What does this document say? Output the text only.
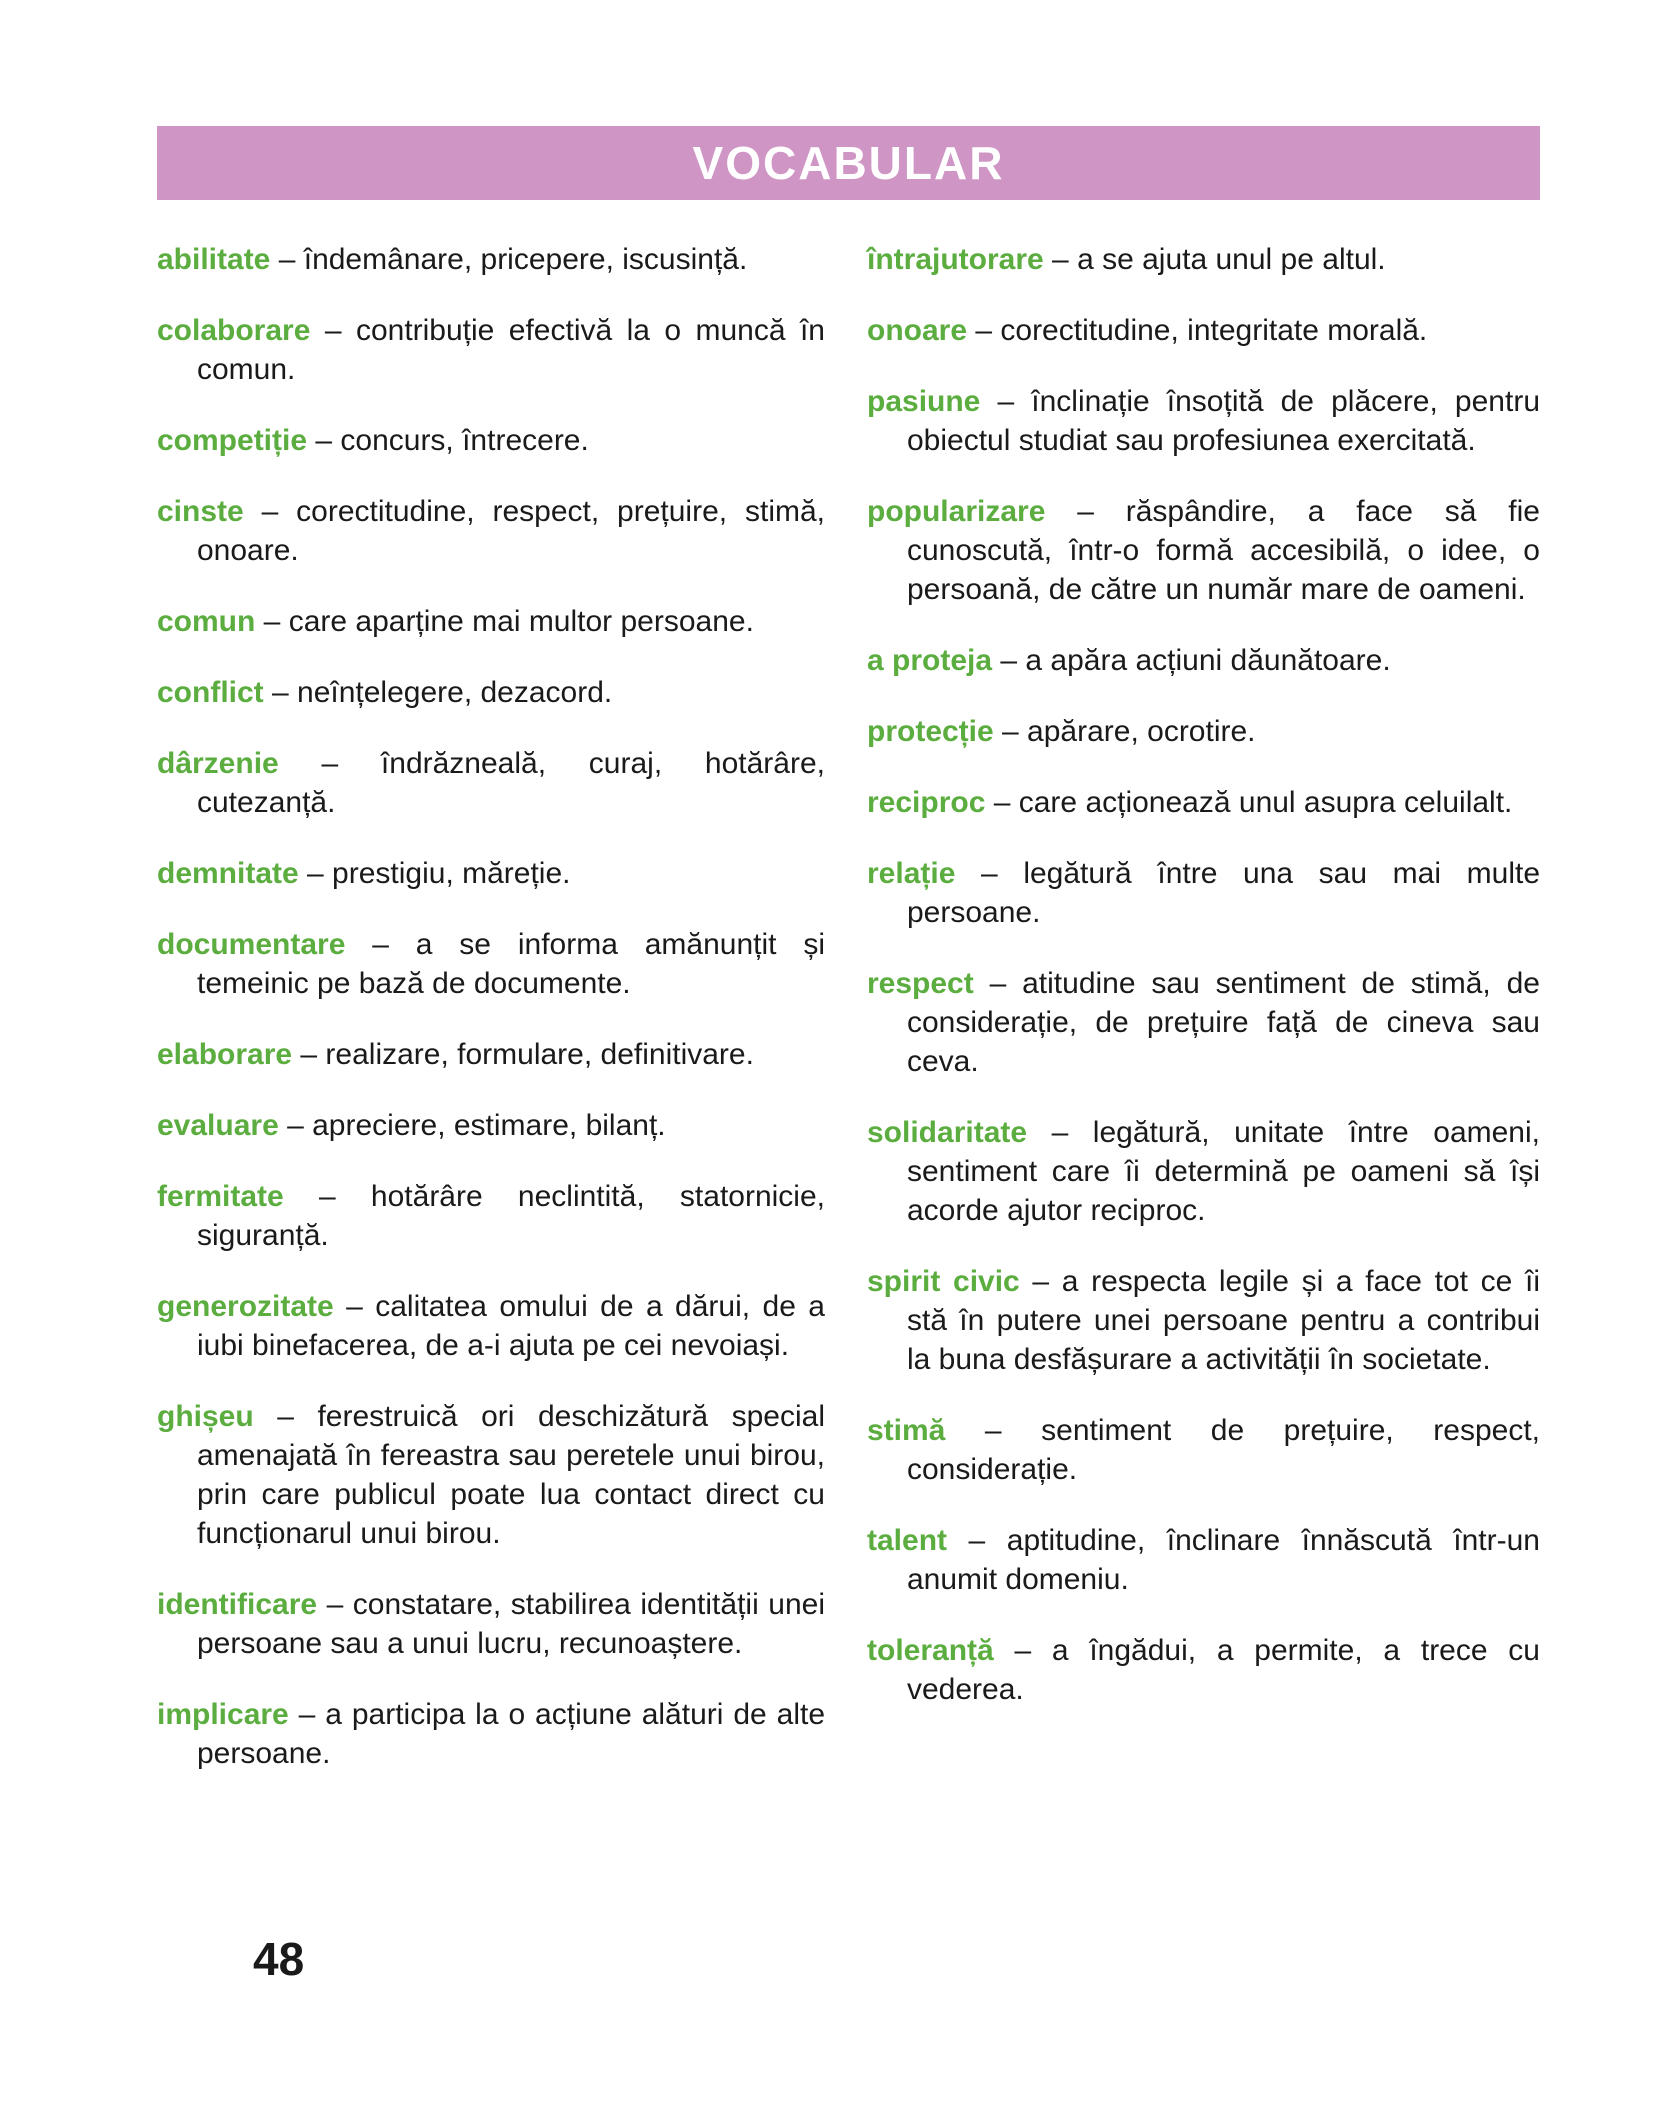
VOCABULAR

abilitate – îndemânare, pricepere, iscusință.

colaborare – contribuție efectivă la o muncă în comun.

competiție – concurs, întrecere.

cinste – corectitudine, respect, prețuire, stimă, onoare.

comun – care aparține mai multor persoane.

conflict – neînțelegere, dezacord.

dârzenie – îndrăzneală, curaj, hotărâre, cutezanță.

demnitate – prestigiu, măreție.

documentare – a se informa amănunțit și temeinic pe bază de documente.

elaborare – realizare, formulare, definitivare.

evaluare – apreciere, estimare, bilanț.

fermitate – hotărâre neclintită, statornicie, siguranță.

generozitate – calitatea omului de a dărui, de a iubi binefacerea, de a-i ajuta pe cei nevoiași.

ghișeu – ferestruică ori deschizătură special amenajată în fereastra sau peretele unui birou, prin care publicul poate lua contact direct cu funcționarul unui birou.

identificare – constatare, stabilirea identității unei persoane sau a unui lucru, recunoaștere.

implicare – a participa la o acțiune alături de alte persoane.

întrajutorare – a se ajuta unul pe altul.

onoare – corectitudine, integritate morală.

pasiune – înclinație însoțită de plăcere, pentru obiectul studiat sau profesiunea exercitată.

popularizare – răspândire, a face să fie cunoscută, într-o formă accesibilă, o idee, o persoană, de către un număr mare de oameni.

a proteja – a apăra acțiuni dăunătoare.

protecție – apărare, ocrotire.

reciproc – care acționează unul asupra celuilalt.

relație – legătură între una sau mai multe persoane.

respect – atitudine sau sentiment de stimă, de considerație, de prețuire față de cineva sau ceva.

solidaritate – legătură, unitate între oameni, sentiment care îi determină pe oameni să își acorde ajutor reciproc.

spirit civic – a respecta legile și a face tot ce îi stă în putere unei persoane pentru a contribui la buna desfășurare a activității în societate.

stimă – sentiment de prețuire, respect, considerație.

talent – aptitudine, înclinare înnăscută într-un anumit domeniu.

toleranță – a îngădui, a permite, a trece cu vederea.

48
